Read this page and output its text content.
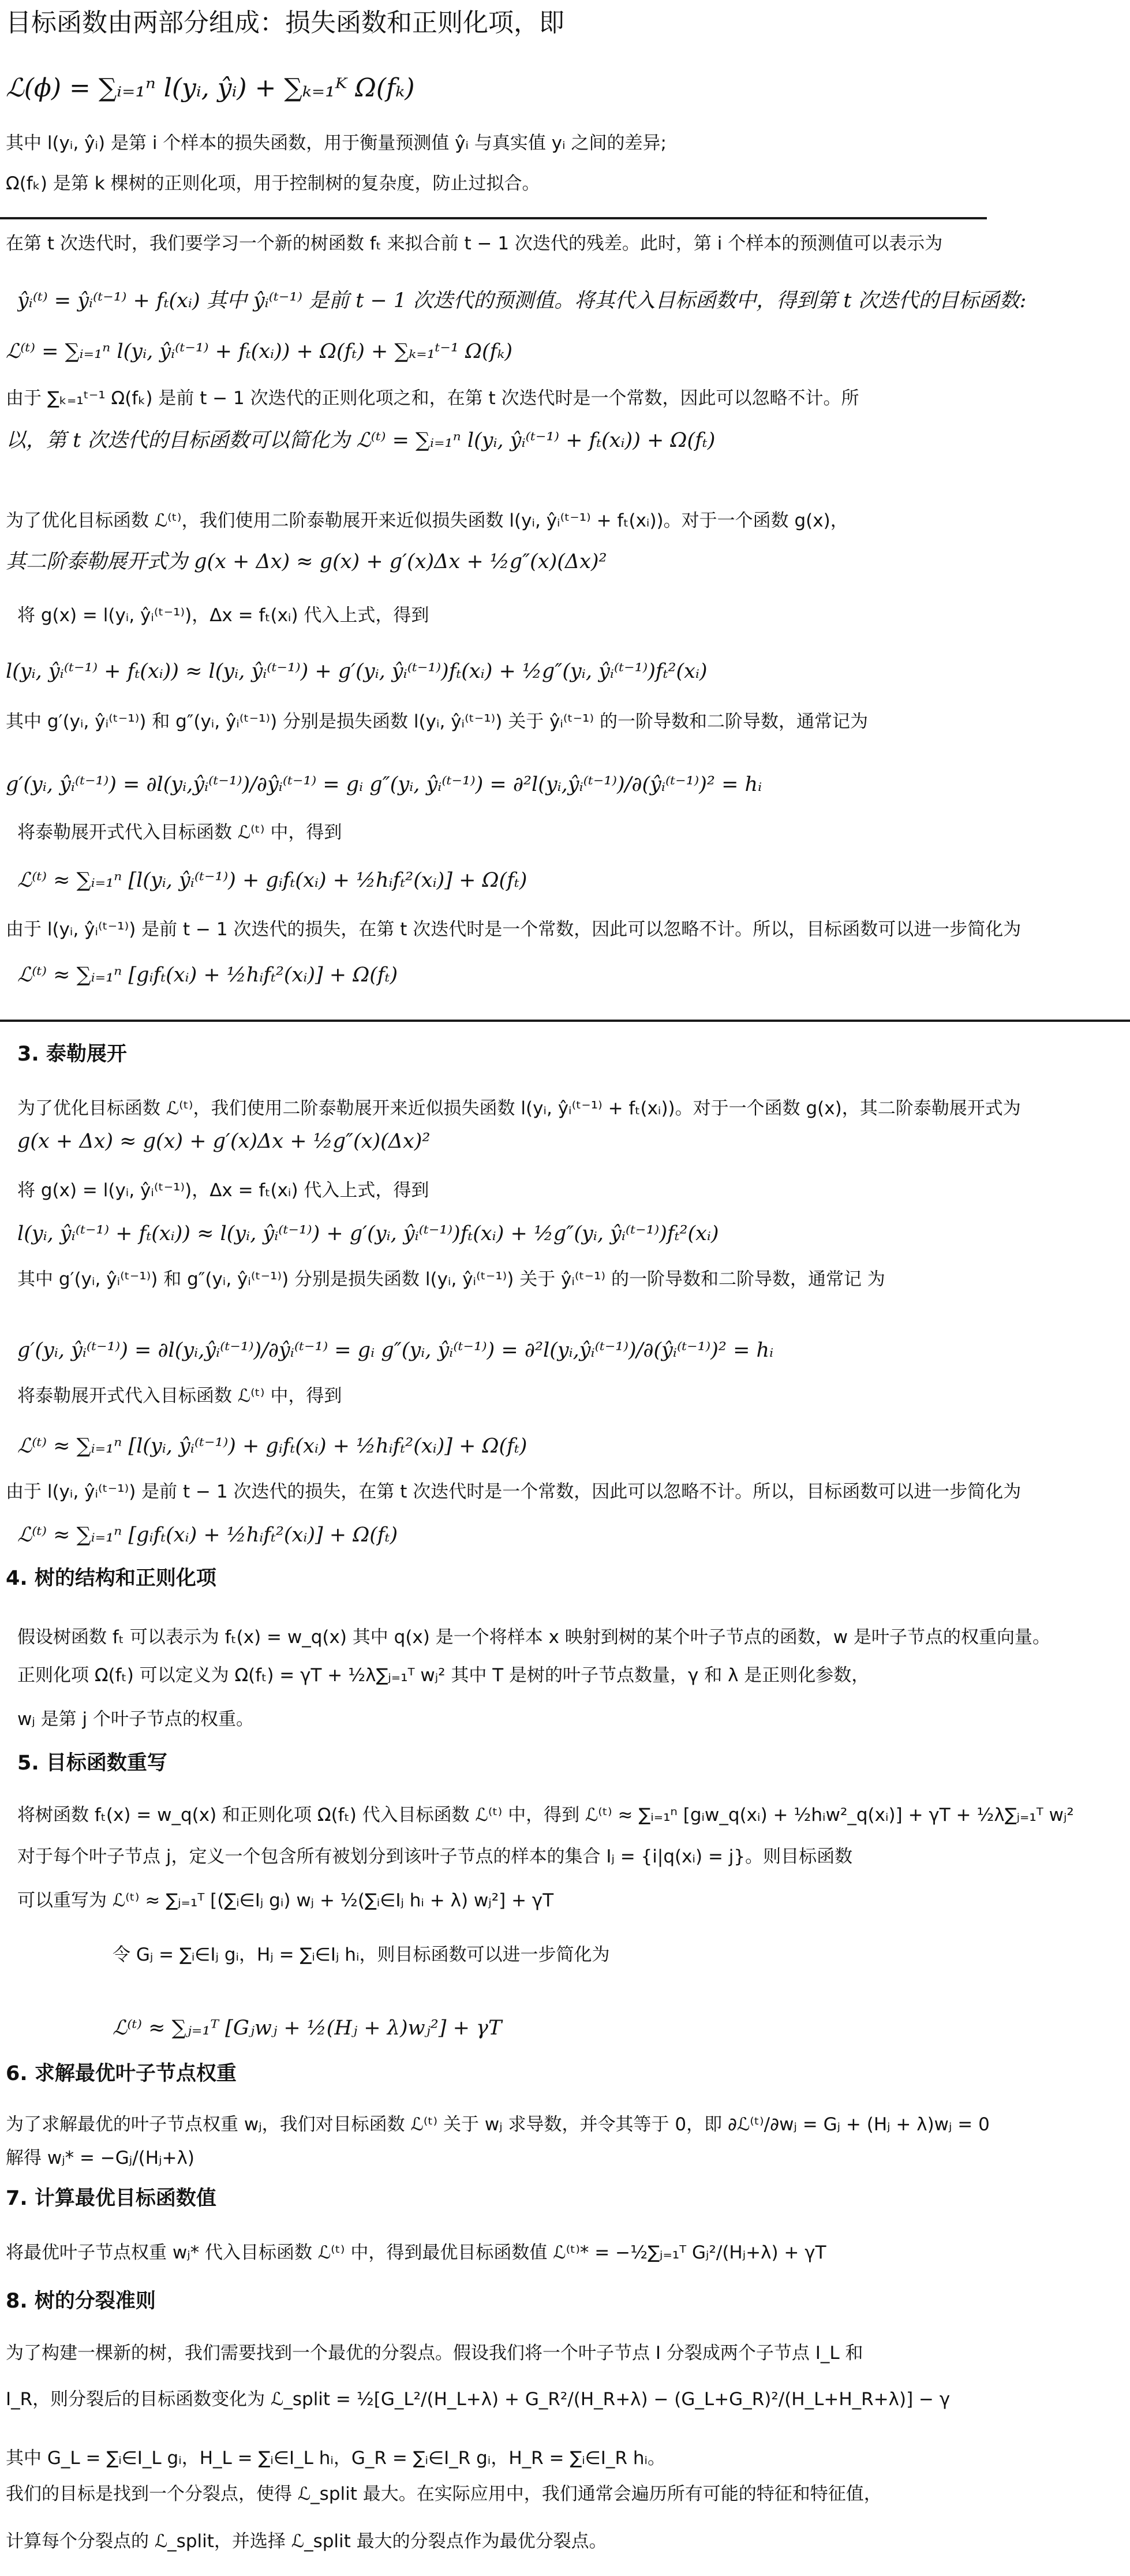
目标函数由两部分组成：损失函数和正则化项，即
ℒ(ϕ) = ∑ᵢ₌₁ⁿ l(yᵢ, ŷᵢ) + ∑ₖ₌₁ᴷ Ω(fₖ)
其中 l(yᵢ, ŷᵢ) 是第 i 个样本的损失函数，用于衡量预测值 ŷᵢ 与真实值 yᵢ 之间的差异;
Ω(fₖ) 是第 k 棵树的正则化项，用于控制树的复杂度，防止过拟合。
在第 t 次迭代时，我们要学习一个新的树函数 fₜ 来拟合前 t − 1 次迭代的残差。此时，第 i 个样本的预测值可以表示为
ŷᵢ⁽ᵗ⁾ = ŷᵢ⁽ᵗ⁻¹⁾ + fₜ(xᵢ) 其中 ŷᵢ⁽ᵗ⁻¹⁾ 是前 t − 1 次迭代的预测值。将其代入目标函数中，得到第 t 次迭代的目标函数:
ℒ⁽ᵗ⁾ = ∑ᵢ₌₁ⁿ l(yᵢ, ŷᵢ⁽ᵗ⁻¹⁾ + fₜ(xᵢ)) + Ω(fₜ) + ∑ₖ₌₁ᵗ⁻¹ Ω(fₖ)
由于 ∑ₖ₌₁ᵗ⁻¹ Ω(fₖ) 是前 t − 1 次迭代的正则化项之和，在第 t 次迭代时是一个常数，因此可以忽略不计。所
以，第 t 次迭代的目标函数可以简化为 ℒ⁽ᵗ⁾ = ∑ᵢ₌₁ⁿ l(yᵢ, ŷᵢ⁽ᵗ⁻¹⁾ + fₜ(xᵢ)) + Ω(fₜ)
为了优化目标函数 ℒ⁽ᵗ⁾，我们使用二阶泰勒展开来近似损失函数 l(yᵢ, ŷᵢ⁽ᵗ⁻¹⁾ + fₜ(xᵢ))。对于一个函数 g(x)，
其二阶泰勒展开式为 g(x + Δx) ≈ g(x) + g′(x)Δx + ½g″(x)(Δx)²
将 g(x) = l(yᵢ, ŷᵢ⁽ᵗ⁻¹⁾)，Δx = fₜ(xᵢ) 代入上式，得到
l(yᵢ, ŷᵢ⁽ᵗ⁻¹⁾ + fₜ(xᵢ)) ≈ l(yᵢ, ŷᵢ⁽ᵗ⁻¹⁾) + g′(yᵢ, ŷᵢ⁽ᵗ⁻¹⁾)fₜ(xᵢ) + ½g″(yᵢ, ŷᵢ⁽ᵗ⁻¹⁾)fₜ²(xᵢ)
其中 g′(yᵢ, ŷᵢ⁽ᵗ⁻¹⁾) 和 g″(yᵢ, ŷᵢ⁽ᵗ⁻¹⁾) 分别是损失函数 l(yᵢ, ŷᵢ⁽ᵗ⁻¹⁾) 关于 ŷᵢ⁽ᵗ⁻¹⁾ 的一阶导数和二阶导数，通常记为
g′(yᵢ, ŷᵢ⁽ᵗ⁻¹⁾) = ∂l(yᵢ,ŷᵢ⁽ᵗ⁻¹⁾)/∂ŷᵢ⁽ᵗ⁻¹⁾ = gᵢ g″(yᵢ, ŷᵢ⁽ᵗ⁻¹⁾) = ∂²l(yᵢ,ŷᵢ⁽ᵗ⁻¹⁾)/∂(ŷᵢ⁽ᵗ⁻¹⁾)² = hᵢ
将泰勒展开式代入目标函数 ℒ⁽ᵗ⁾ 中，得到
ℒ⁽ᵗ⁾ ≈ ∑ᵢ₌₁ⁿ [l(yᵢ, ŷᵢ⁽ᵗ⁻¹⁾) + gᵢfₜ(xᵢ) + ½hᵢfₜ²(xᵢ)] + Ω(fₜ)
由于 l(yᵢ, ŷᵢ⁽ᵗ⁻¹⁾) 是前 t − 1 次迭代的损失，在第 t 次迭代时是一个常数，因此可以忽略不计。所以，目标函数可以进一步简化为
ℒ⁽ᵗ⁾ ≈ ∑ᵢ₌₁ⁿ [gᵢfₜ(xᵢ) + ½hᵢfₜ²(xᵢ)] + Ω(fₜ)
3. 泰勒展开
为了优化目标函数 ℒ⁽ᵗ⁾，我们使用二阶泰勒展开来近似损失函数 l(yᵢ, ŷᵢ⁽ᵗ⁻¹⁾ + fₜ(xᵢ))。对于一个函数 g(x)，其二阶泰勒展开式为
g(x + Δx) ≈ g(x) + g′(x)Δx + ½g″(x)(Δx)²
将 g(x) = l(yᵢ, ŷᵢ⁽ᵗ⁻¹⁾)，Δx = fₜ(xᵢ) 代入上式，得到
l(yᵢ, ŷᵢ⁽ᵗ⁻¹⁾ + fₜ(xᵢ)) ≈ l(yᵢ, ŷᵢ⁽ᵗ⁻¹⁾) + g′(yᵢ, ŷᵢ⁽ᵗ⁻¹⁾)fₜ(xᵢ) + ½g″(yᵢ, ŷᵢ⁽ᵗ⁻¹⁾)fₜ²(xᵢ)
其中 g′(yᵢ, ŷᵢ⁽ᵗ⁻¹⁾) 和 g″(yᵢ, ŷᵢ⁽ᵗ⁻¹⁾) 分别是损失函数 l(yᵢ, ŷᵢ⁽ᵗ⁻¹⁾) 关于 ŷᵢ⁽ᵗ⁻¹⁾ 的一阶导数和二阶导数，通常记 为
g′(yᵢ, ŷᵢ⁽ᵗ⁻¹⁾) = ∂l(yᵢ,ŷᵢ⁽ᵗ⁻¹⁾)/∂ŷᵢ⁽ᵗ⁻¹⁾ = gᵢ g″(yᵢ, ŷᵢ⁽ᵗ⁻¹⁾) = ∂²l(yᵢ,ŷᵢ⁽ᵗ⁻¹⁾)/∂(ŷᵢ⁽ᵗ⁻¹⁾)² = hᵢ
将泰勒展开式代入目标函数 ℒ⁽ᵗ⁾ 中，得到
ℒ⁽ᵗ⁾ ≈ ∑ᵢ₌₁ⁿ [l(yᵢ, ŷᵢ⁽ᵗ⁻¹⁾) + gᵢfₜ(xᵢ) + ½hᵢfₜ²(xᵢ)] + Ω(fₜ)
由于 l(yᵢ, ŷᵢ⁽ᵗ⁻¹⁾) 是前 t − 1 次迭代的损失，在第 t 次迭代时是一个常数，因此可以忽略不计。所以，目标函数可以进一步简化为
ℒ⁽ᵗ⁾ ≈ ∑ᵢ₌₁ⁿ [gᵢfₜ(xᵢ) + ½hᵢfₜ²(xᵢ)] + Ω(fₜ)
4. 树的结构和正则化项
假设树函数 fₜ 可以表示为 fₜ(x) = w_q(x) 其中 q(x) 是一个将样本 x 映射到树的某个叶子节点的函数，w 是叶子节点的权重向量。
正则化项 Ω(fₜ) 可以定义为 Ω(fₜ) = γT + ½λ∑ⱼ₌₁ᵀ wⱼ² 其中 T 是树的叶子节点数量，γ 和 λ 是正则化参数，
wⱼ 是第 j 个叶子节点的权重。
5. 目标函数重写
将树函数 fₜ(x) = w_q(x) 和正则化项 Ω(fₜ) 代入目标函数 ℒ⁽ᵗ⁾ 中，得到 ℒ⁽ᵗ⁾ ≈ ∑ᵢ₌₁ⁿ [gᵢw_q(xᵢ) + ½hᵢw²_q(xᵢ)] + γT + ½λ∑ⱼ₌₁ᵀ wⱼ²
对于每个叶子节点 j，定义一个包含所有被划分到该叶子节点的样本的集合 Iⱼ = {i|q(xᵢ) = j}。则目标函数
可以重写为 ℒ⁽ᵗ⁾ ≈ ∑ⱼ₌₁ᵀ [(∑ᵢ∈Iⱼ gᵢ) wⱼ + ½(∑ᵢ∈Iⱼ hᵢ + λ) wⱼ²] + γT
令 Gⱼ = ∑ᵢ∈Iⱼ gᵢ，Hⱼ = ∑ᵢ∈Iⱼ hᵢ，则目标函数可以进一步简化为
ℒ⁽ᵗ⁾ ≈ ∑ⱼ₌₁ᵀ [Gⱼwⱼ + ½(Hⱼ + λ)wⱼ²] + γT
6. 求解最优叶子节点权重
为了求解最优的叶子节点权重 wⱼ，我们对目标函数 ℒ⁽ᵗ⁾ 关于 wⱼ 求导数，并令其等于 0，即 ∂ℒ⁽ᵗ⁾/∂wⱼ = Gⱼ + (Hⱼ + λ)wⱼ = 0
解得 wⱼ* = −Gⱼ/(Hⱼ+λ)
7. 计算最优目标函数值
将最优叶子节点权重 wⱼ* 代入目标函数 ℒ⁽ᵗ⁾ 中，得到最优目标函数值 ℒ⁽ᵗ⁾* = −½∑ⱼ₌₁ᵀ Gⱼ²/(Hⱼ+λ) + γT
8. 树的分裂准则
为了构建一棵新的树，我们需要找到一个最优的分裂点。假设我们将一个叶子节点 I 分裂成两个子节点 I_L 和
I_R，则分裂后的目标函数变化为 ℒ_split = ½[G_L²/(H_L+λ) + G_R²/(H_R+λ) − (G_L+G_R)²/(H_L+H_R+λ)] − γ
其中 G_L = ∑ᵢ∈I_L gᵢ，H_L = ∑ᵢ∈I_L hᵢ，G_R = ∑ᵢ∈I_R gᵢ，H_R = ∑ᵢ∈I_R hᵢ。
我们的目标是找到一个分裂点，使得 ℒ_split 最大。在实际应用中，我们通常会遍历所有可能的特征和特征值，
计算每个分裂点的 ℒ_split，并选择 ℒ_split 最大的分裂点作为最优分裂点。
